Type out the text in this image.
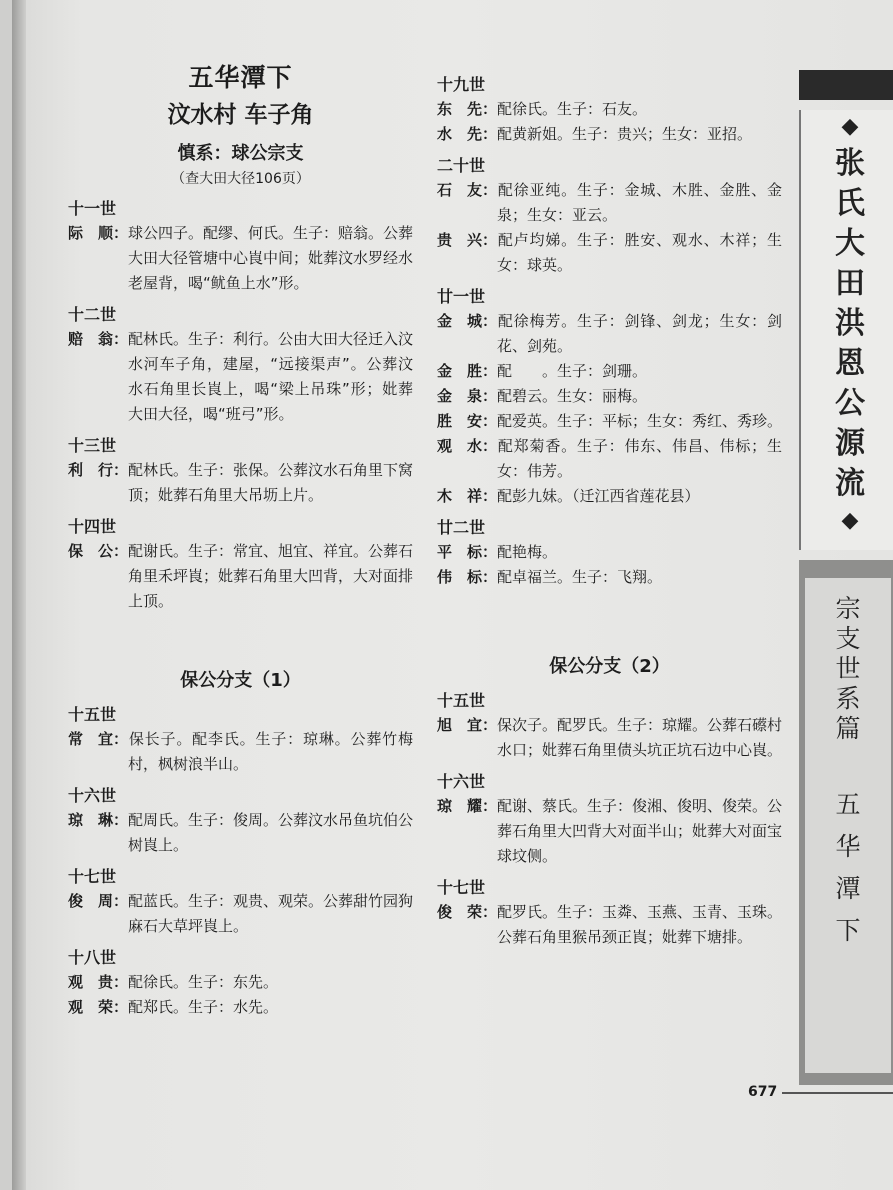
五华潭下
汶水村 车子角
慎系：球公宗支
（查大田大径106页）
十一世

际　顺：球公四子。配缪、何氏。生子：赔翁。公葬大田大径管塘中心崀中间；妣葬汶水罗经水老屋背，喝“鱿鱼上水”形。

十二世

赔　翁：配林氏。生子：利行。公由大田大径迁入汶水河车子角，建屋，“远接渠声”。公葬汶水石角里长崀上，喝“梁上吊珠”形；妣葬大田大径，喝“班弓”形。

十三世

利　行：配林氏。生子：张保。公葬汶水石角里下窝顶；妣葬石角里大吊坜上片。

十四世

保　公：配谢氏。生子：常宜、旭宜、祥宜。公葬石角里禾坪崀；妣葬石角里大凹背，大对面排上顶。

保公分支（1）
十五世

常　宜：保长子。配李氏。生子：琼琳。公葬竹梅村，枫树浪半山。

十六世

琼　琳：配周氏。生子：俊周。公葬汶水吊鱼坑伯公树崀上。

十七世

俊　周：配蓝氏。生子：观贵、观荣。公葬甜竹园狗麻石大草坪崀上。

十八世

观　贵：配徐氏。生子：东先。

观　荣：配郑氏。生子：水先。

十九世

东　先：配徐氏。生子：石友。

水　先：配黄新姐。生子：贵兴；生女：亚招。

二十世

石　友：配徐亚纯。生子：金城、木胜、金胜、金泉；生女：亚云。

贵　兴：配卢均娣。生子：胜安、观水、木祥；生女：球英。

廿一世

金　城：配徐梅芳。生子：剑锋、剑龙；生女：剑花、剑苑。

金　胜：配　　。生子：剑珊。

金　泉：配碧云。生女：丽梅。

胜　安：配爱英。生子：平标；生女：秀红、秀珍。

观　水：配郑菊香。生子：伟东、伟昌、伟标；生女：伟芳。

木　祥：配彭九妹。（迁江西省莲花县）

廿二世

平　标：配艳梅。

伟　标：配卓福兰。生子：飞翔。

保公分支（2）
十五世

旭　宜：保次子。配罗氏。生子：琼耀。公葬石礤村水口；妣葬石角里债头坑正坑石边中心崀。

十六世

琼　耀：配谢、蔡氏。生子：俊湘、俊明、俊荣。公葬石角里大凹背大对面半山；妣葬大对面宝球坟侧。

十七世

俊　荣：配罗氏。生子：玉粦、玉燕、玉青、玉珠。公葬石角里猴吊颈正崀；妣葬下塘排。

◆
张
氏
大
田
洪
恩
公
源
流
◆
宗
支
世
系
篇
五
华
潭
下
677
